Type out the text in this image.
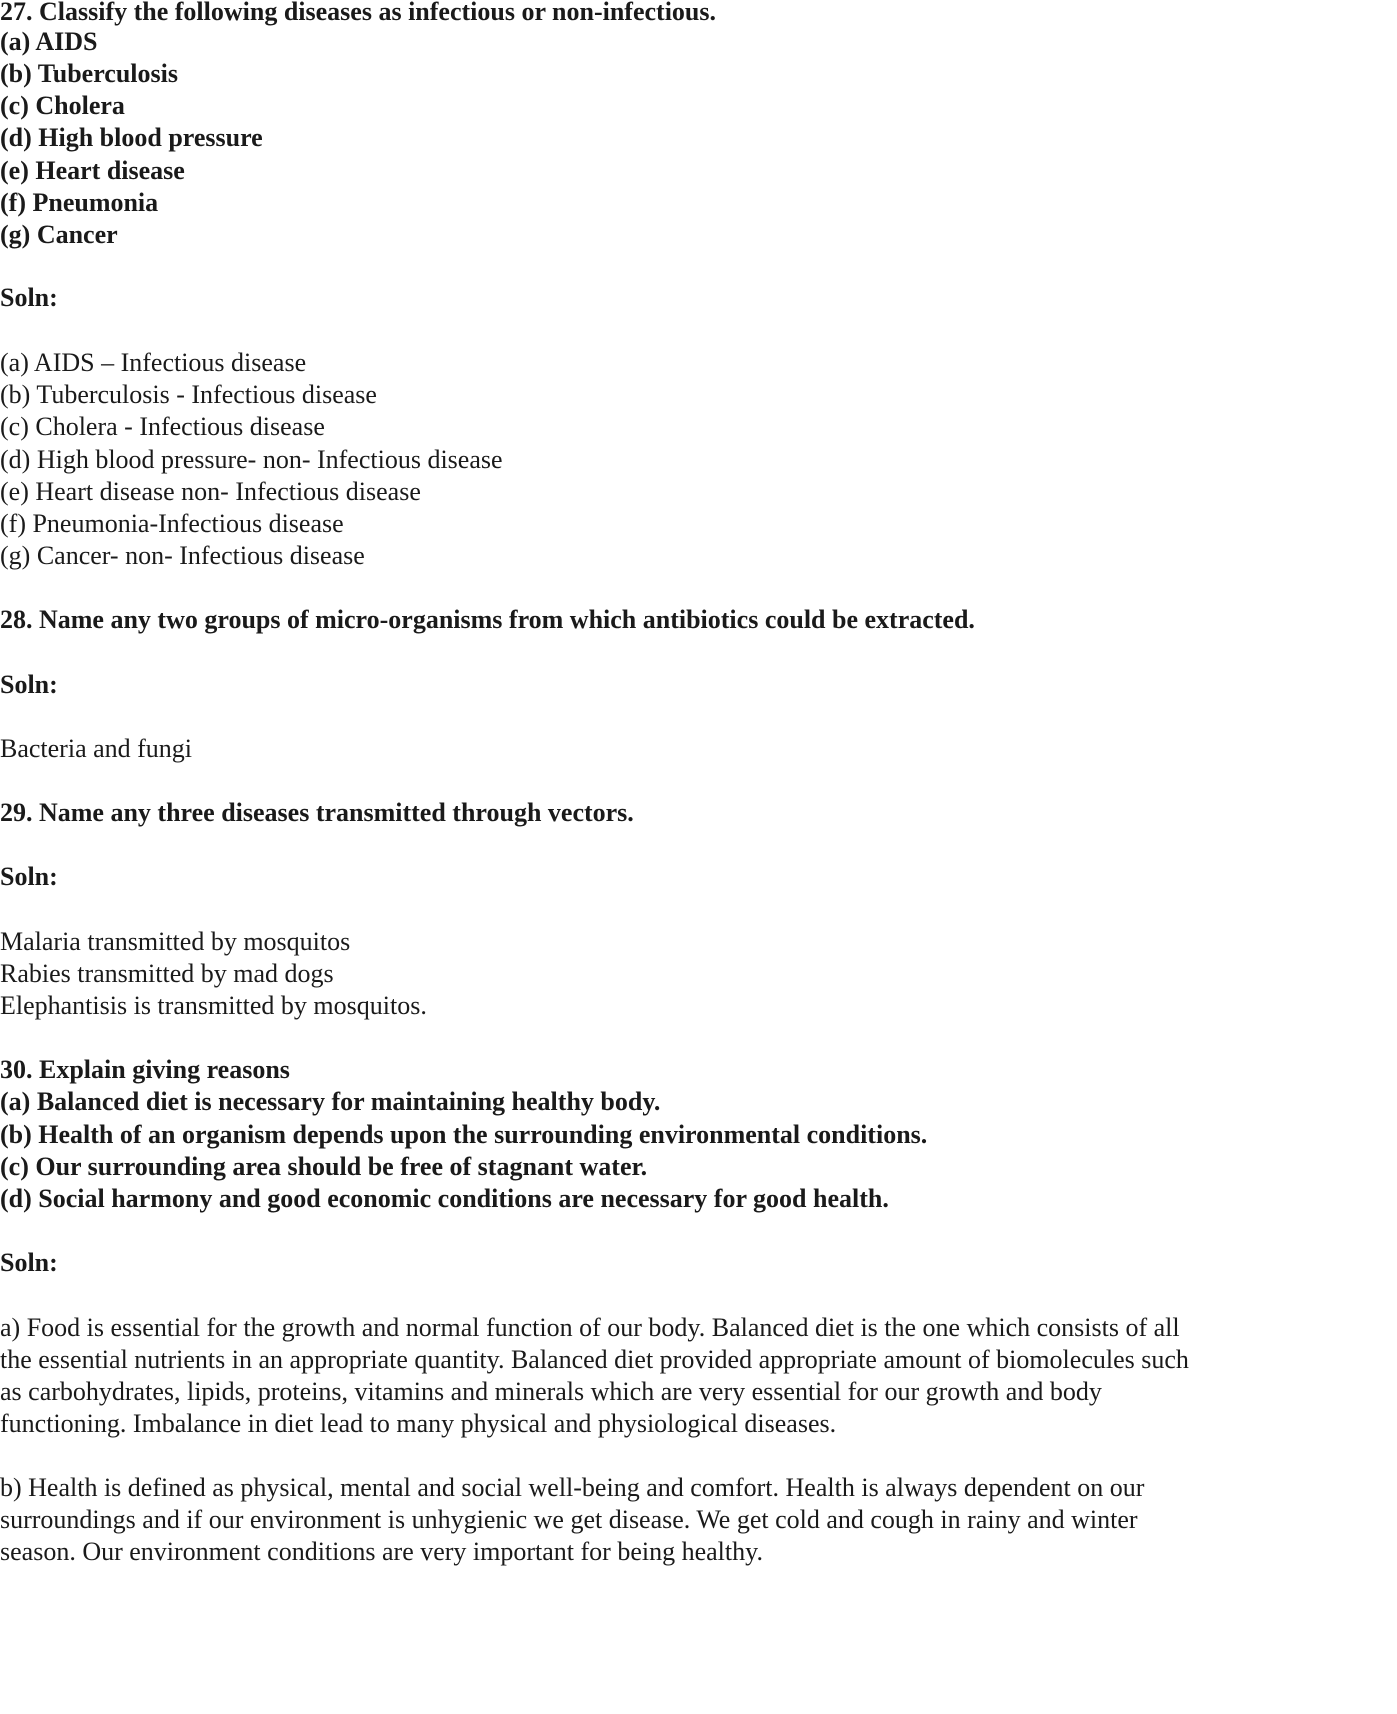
27. Classify the following diseases as infectious or non-infectious.
(a) AIDS
(b) Tuberculosis
(c) Cholera
(d) High blood pressure
(e) Heart disease
(f) Pneumonia
(g) Cancer
Soln:
(a) AIDS – Infectious disease
(b) Tuberculosis - Infectious disease
(c) Cholera - Infectious disease
(d) High blood pressure- non- Infectious disease
(e) Heart disease non- Infectious disease
(f) Pneumonia-Infectious disease
(g) Cancer- non- Infectious disease
28. Name any two groups of micro-organisms from which antibiotics could be extracted.
Soln:
Bacteria and fungi
29. Name any three diseases transmitted through vectors.
Soln:
Malaria transmitted by mosquitos
Rabies transmitted by mad dogs
Elephantisis is transmitted by mosquitos.
30. Explain giving reasons
(a) Balanced diet is necessary for maintaining healthy body.
(b) Health of an organism depends upon the surrounding environmental conditions.
(c) Our surrounding area should be free of stagnant water.
(d) Social harmony and good economic conditions are necessary for good health.
Soln:
a) Food is essential for the growth and normal function of our body. Balanced diet is the one which consists of all
the essential nutrients in an appropriate quantity. Balanced diet provided appropriate amount of biomolecules such
as carbohydrates, lipids, proteins, vitamins and minerals which are very essential for our growth and body
functioning. Imbalance in diet lead to many physical and physiological diseases.
b) Health is defined as physical, mental and social well-being and comfort. Health is always dependent on our
surroundings and if our environment is unhygienic we get disease. We get cold and cough in rainy and winter
season. Our environment conditions are very important for being healthy.
